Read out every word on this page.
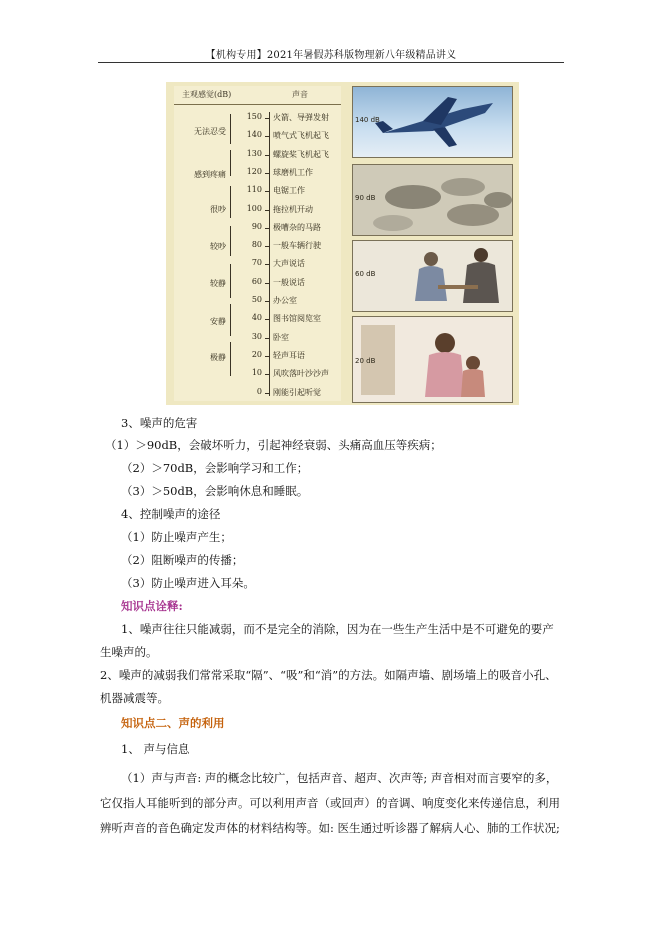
【机构专用】2021年暑假苏科版物理新八年级精品讲义
主观感觉(dB)	声音
无法忍受
感到疼痛
很吵
较吵
较静
安静
极静
150 火箭、导弹发射
140 喷气式飞机起飞
130 螺旋桨飞机起飞
120 球磨机工作
110 电锯工作
100 拖拉机开动
90 极嘈杂的马路
80 一般车辆行驶
70 大声说话
60 一般说话
50 办公室
40 图书馆阅览室
30 卧室
20 轻声耳语
10 风吹落叶沙沙声
0 刚能引起听觉
140 dB
90 dB
60 dB
20 dB
3、噪声的危害
（1）＞90dB，会破坏听力，引起神经衰弱、头痛高血压等疾病；
（2）＞70dB，会影响学习和工作；
（3）＞50dB，会影响休息和睡眠。
4、控制噪声的途径
（1）防止噪声产生；
（2）阻断噪声的传播；
（3）防止噪声进入耳朵。
知识点诠释:
1、噪声往往只能减弱，而不是完全的消除，因为在一些生产生活中是不可避免的要产
生噪声的。
2、噪声的减弱我们常常采取“隔”、“吸”和“消”的方法。如隔声墙、剧场墙上的吸音小孔、
机器减震等。
知识点二、声的利用
1、 声与信息
（1）声与声音: 声的概念比较广，包括声音、超声、次声等; 声音相对而言要窄的多，
它仅指人耳能听到的部分声。可以利用声音（或回声）的音调、响度变化来传递信息，利用
辨听声音的音色确定发声体的材料结构等。如: 医生通过听诊器了解病人心、肺的工作状况;
